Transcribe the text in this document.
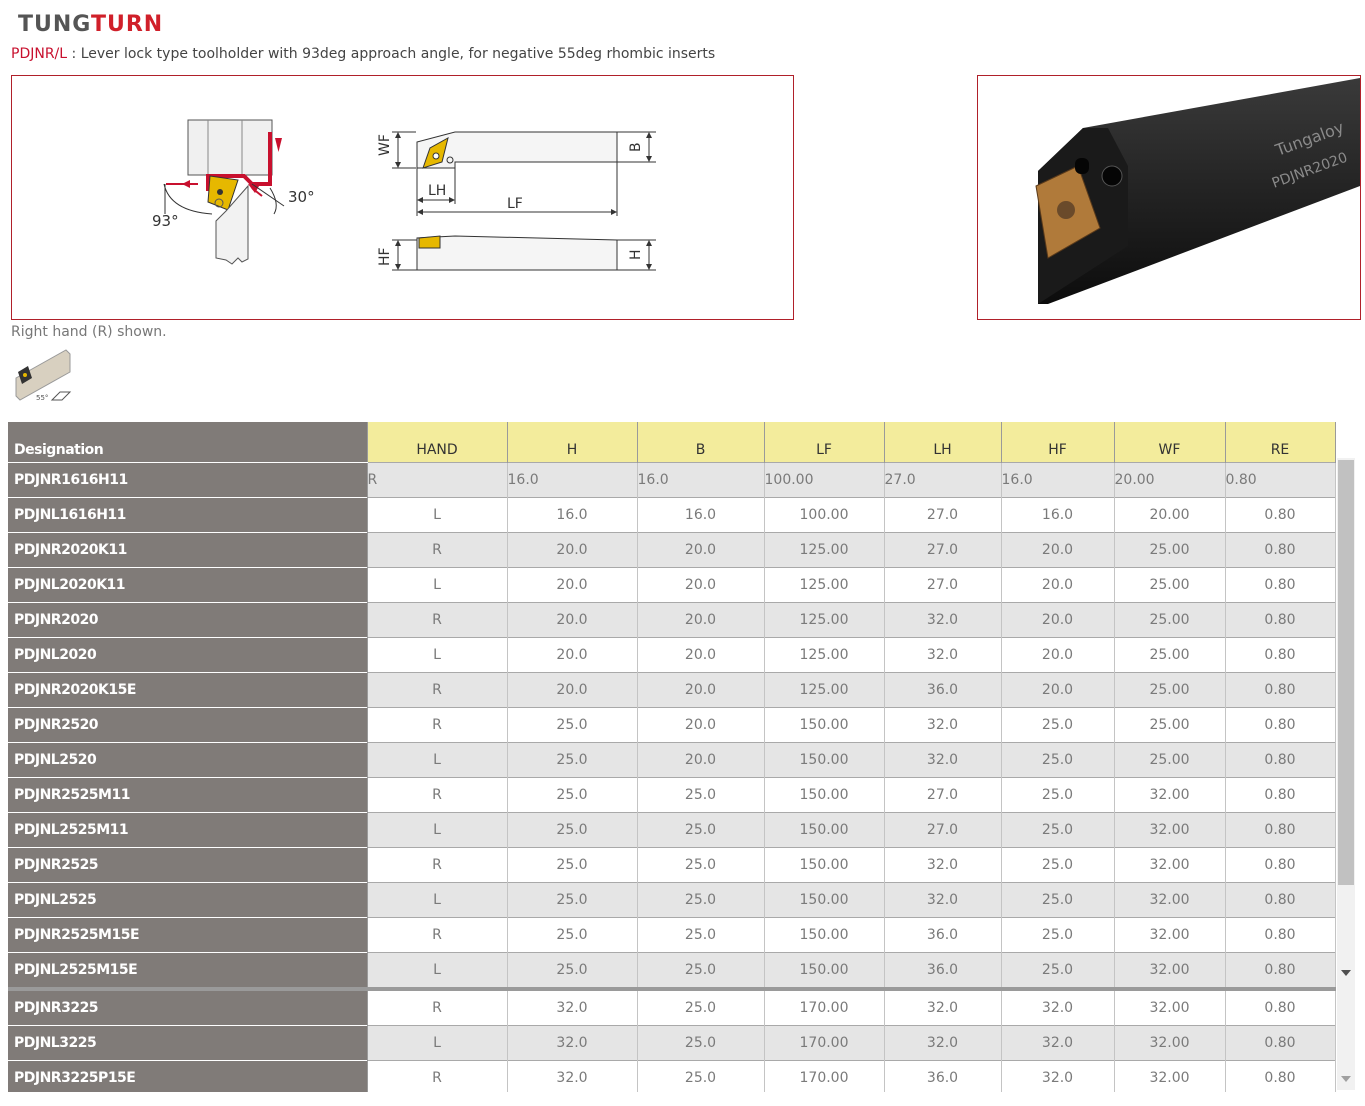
TUNGTURN
PDJNR/L : Lever lock type toolholder with 93deg approach angle, for negative 55deg rhombic inserts
93°
30°
WF
LH
LF
B
HF	H
Tungaloy
PDJNR2020
Right hand (R) shown.
55°
Designation	HAND	H	B	LF	LH	HF	WF	RE
PDJNR1616H11	R	16.0	16.0	100.00	27.0	16.0	20.00	0.80
PDJNL1616H11	L	16.0	16.0	100.00	27.0	16.0	20.00	0.80
PDJNR2020K11	R	20.0	20.0	125.00	27.0	20.0	25.00	0.80
PDJNL2020K11	L	20.0	20.0	125.00	27.0	20.0	25.00	0.80
PDJNR2020	R	20.0	20.0	125.00	32.0	20.0	25.00	0.80
PDJNL2020	L	20.0	20.0	125.00	32.0	20.0	25.00	0.80
PDJNR2020K15E	R	20.0	20.0	125.00	36.0	20.0	25.00	0.80
PDJNR2520	R	25.0	20.0	150.00	32.0	25.0	25.00	0.80
PDJNL2520	L	25.0	20.0	150.00	32.0	25.0	25.00	0.80
PDJNR2525M11	R	25.0	25.0	150.00	27.0	25.0	32.00	0.80
PDJNL2525M11	L	25.0	25.0	150.00	27.0	25.0	32.00	0.80
PDJNR2525	R	25.0	25.0	150.00	32.0	25.0	32.00	0.80
PDJNL2525	L	25.0	25.0	150.00	32.0	25.0	32.00	0.80
PDJNR2525M15E	R	25.0	25.0	150.00	36.0	25.0	32.00	0.80
PDJNL2525M15E	L	25.0	25.0	150.00	36.0	25.0	32.00	0.80
PDJNR3225	R	32.0	25.0	170.00	32.0	32.0	32.00	0.80
PDJNL3225	L	32.0	25.0	170.00	32.0	32.0	32.00	0.80
PDJNR3225P15E	R	32.0	25.0	170.00	36.0	32.0	32.00	0.80
